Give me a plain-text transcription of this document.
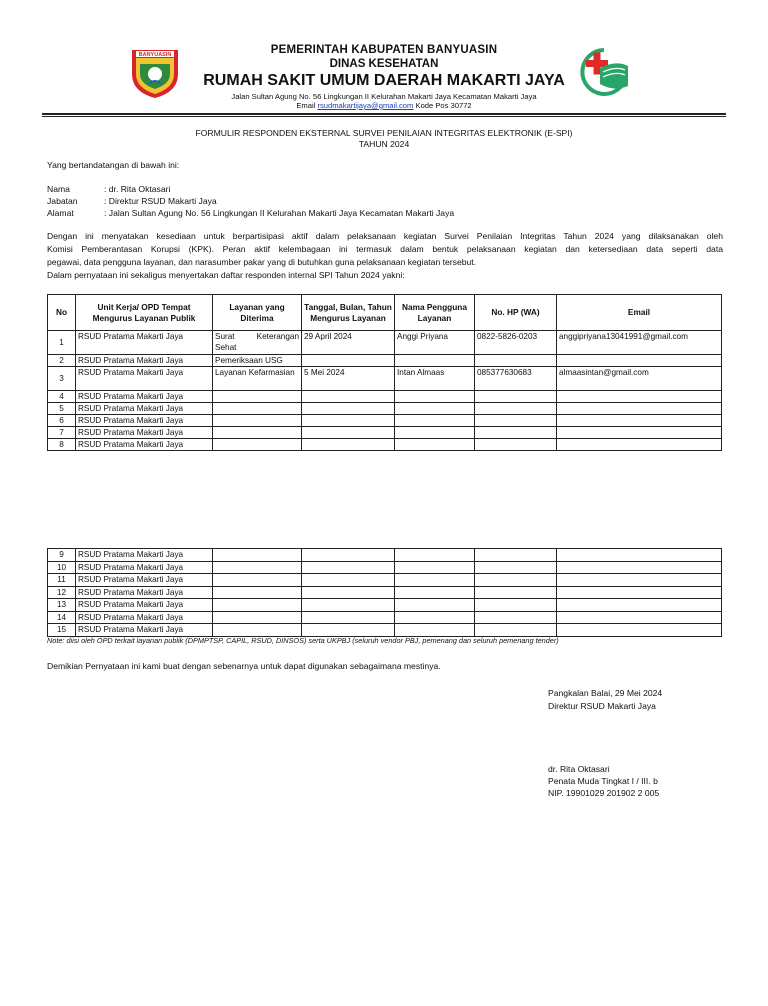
BANYUASIN	PEMERINTAH KABUPATEN BANYUASIN
DINAS KESEHATAN
RUMAH SAKIT UMUM DAERAH MAKARTI JAYA
Jalan Sultan Agung No. 56 Lingkungan II Kelurahan Makarti Jaya Kecamatan Makarti Jaya
Email rsudmakartijaya@gmail.com Kode Pos 30772
FORMULIR RESPONDEN EKSTERNAL SURVEI PENILAIAN INTEGRITAS ELEKTRONIK (E-SPI)
TAHUN 2024
Yang bertandatangan di bawah ini:
Nama	: dr. Rita Oktasari
Jabatan	: Direktur RSUD Makarti Jaya
Alamat	: Jalan Sultan Agung No. 56 Lingkungan II Kelurahan Makarti Jaya Kecamatan Makarti Jaya
Dengan ini menyatakan kesediaan untuk berpartisipasi aktif dalam pelaksanaan kegiatan Survei Penilaian Integritas Tahun 2024 yang dilaksanakan oleh
Komisi Pemberantasan Korupsi (KPK). Peran aktif kelembagaan ini termasuk dalam bentuk pelaksanaan kegiatan dan ketersediaan data seperti data
pegawai, data pengguna layanan, dan narasumber pakar yang di butuhkan guna pelaksanaan kegiatan tersebut.
Dalam pernyataan ini sekaligus menyertakan daftar responden internal SPI Tahun 2024 yakni:
No	Unit Kerja/ OPD Tempat Mengurus Layanan Publik	Layanan yang Diterima	Tanggal, Bulan, Tahun Mengurus Layanan	Nama Pengguna Layanan	No. HP (WA)	Email
1	RSUD Pratama Makarti Jaya	Surat Keterangan Sehat	29 April 2024	Anggi Priyana	0822-5826-0203	anggipriyana13041991@gmail.com
2	RSUD Pratama Makarti Jaya	Pemeriksaan USG				
3	RSUD Pratama Makarti Jaya	Layanan Kefarmasian	5 Mei 2024	Intan Almaas	085377630683	almaasintan@gmail.com
4	RSUD Pratama Makarti Jaya					
5	RSUD Pratama Makarti Jaya					
6	RSUD Pratama Makarti Jaya					
7	RSUD Pratama Makarti Jaya					
8	RSUD Pratama Makarti Jaya					
9	RSUD Pratama Makarti Jaya					
10	RSUD Pratama Makarti Jaya					
11	RSUD Pratama Makarti Jaya					
12	RSUD Pratama Makarti Jaya					
13	RSUD Pratama Makarti Jaya					
14	RSUD Pratama Makarti Jaya					
15	RSUD Pratama Makarti Jaya					
Note: diisi oleh OPD terkait layanan publik (DPMPTSP, CAPIL, RSUD, DINSOS) serta UKPBJ (seluruh vendor PBJ, pemenang dan seluruh pemenang tender)
Demikian Pernyataan ini kami buat dengan sebenarnya untuk dapat digunakan sebagaimana mestinya.
Pangkalan Balai, 29 Mei 2024
Direktur RSUD Makarti Jaya
dr. Rita Oktasari
Penata Muda Tingkat I / III. b
NIP. 19901029 201902 2 005
